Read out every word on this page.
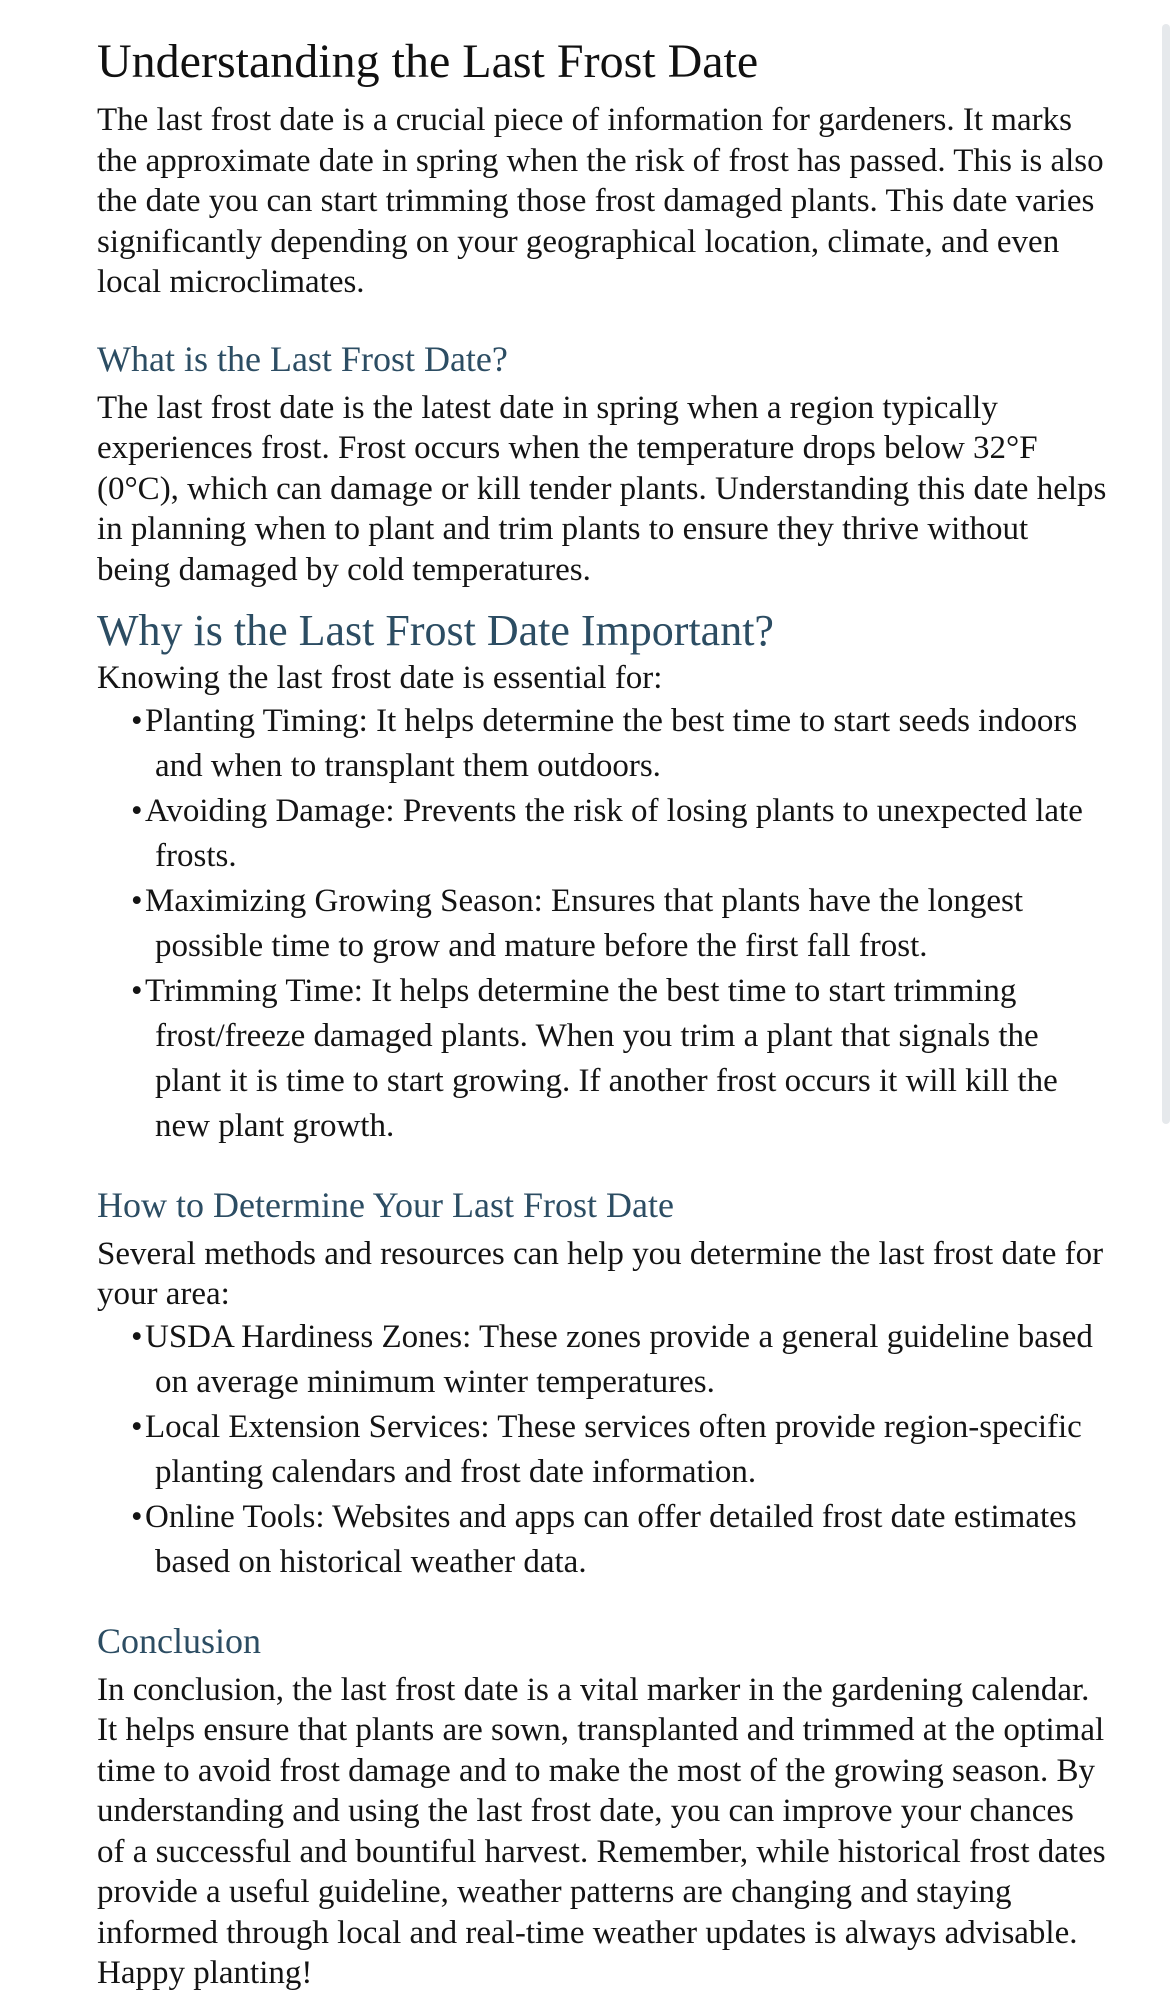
Understanding the Last Frost Date

The last frost date is a crucial piece of information for gardeners. It marks the approximate date in spring when the risk of frost has passed. This is also the date you can start trimming those frost damaged plants. This date varies significantly depending on your geographical location, climate, and even local microclimates.

What is the Last Frost Date?

The last frost date is the latest date in spring when a region typically experiences frost. Frost occurs when the temperature drops below 32°F (0°C), which can damage or kill tender plants. Understanding this date helps in planning when to plant and trim plants to ensure they thrive without being damaged by cold temperatures.

Why is the Last Frost Date Important?

Knowing the last frost date is essential for:

• Planting Timing: It helps determine the best time to start seeds indoors and when to transplant them outdoors.
• Avoiding Damage: Prevents the risk of losing plants to unexpected late frosts.
• Maximizing Growing Season: Ensures that plants have the longest possible time to grow and mature before the first fall frost.
• Trimming Time: It helps determine the best time to start trimming frost/freeze damaged plants. When you trim a plant that signals the plant it is time to start growing. If another frost occurs it will kill the new plant growth.
How to Determine Your Last Frost Date

Several methods and resources can help you determine the last frost date for your area:

• USDA Hardiness Zones: These zones provide a general guideline based on average minimum winter temperatures.
• Local Extension Services: These services often provide region-specific planting calendars and frost date information.
• Online Tools: Websites and apps can offer detailed frost date estimates based on historical weather data.
Conclusion

In conclusion, the last frost date is a vital marker in the gardening calendar. It helps ensure that plants are sown, transplanted and trimmed at the optimal time to avoid frost damage and to make the most of the growing season. By understanding and using the last frost date, you can improve your chances of a successful and bountiful harvest. Remember, while historical frost dates provide a useful guideline, weather patterns are changing and staying informed through local and real-time weather updates is always advisable. Happy planting!
